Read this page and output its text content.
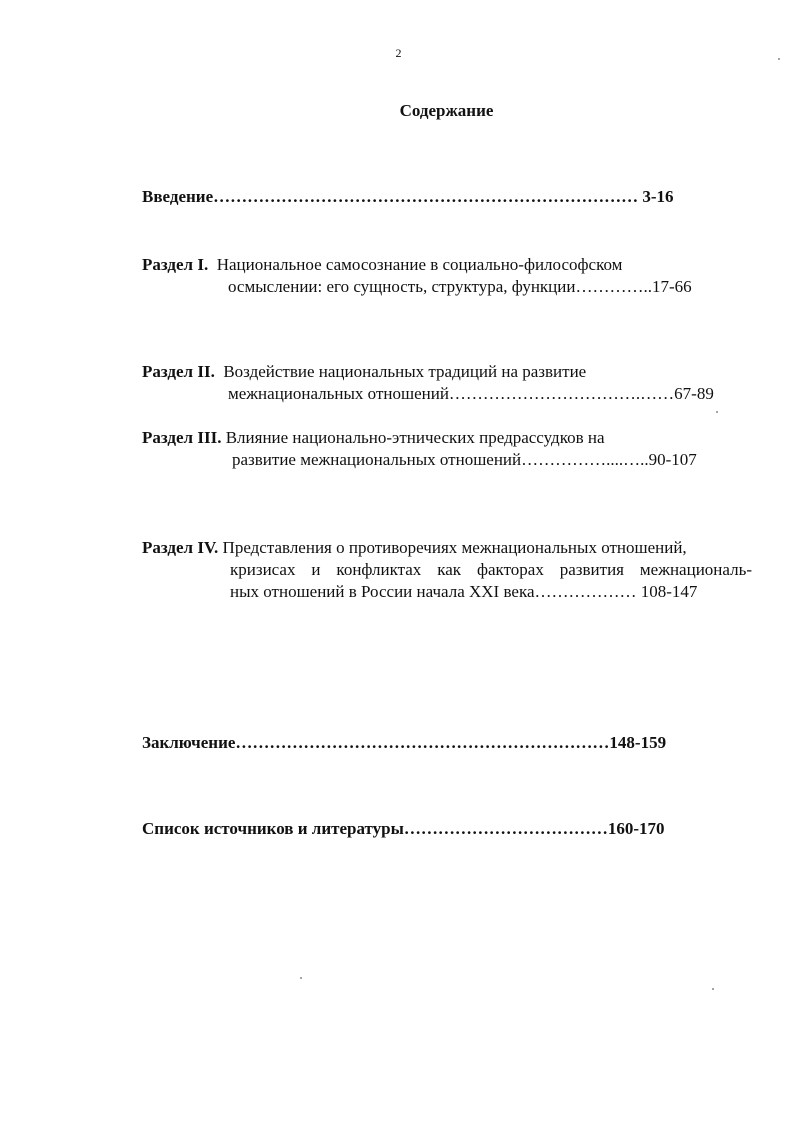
2
Содержание
Введение………………………………………………………………… 3-16
Раздел I. Национальное самосознание в социально-философском
осмыслении: его сущность, структура, функции…………..17-66
Раздел II. Воздействие национальных традиций на развитие
межнациональных отношений…………………………….……67-89
Раздел III. Влияние национально-этнических предрассудков на
развитие межнациональных отношений……………....…..90-107
Раздел IV. Представления о противоречиях межнациональных отношений,
кризисах и конфликтах как факторах развития межнациональ-
ных отношений в России начала XXI века……………… 108-147
Заключение…………………………………………………………148-159
Список источников и литературы………………………………160-170
